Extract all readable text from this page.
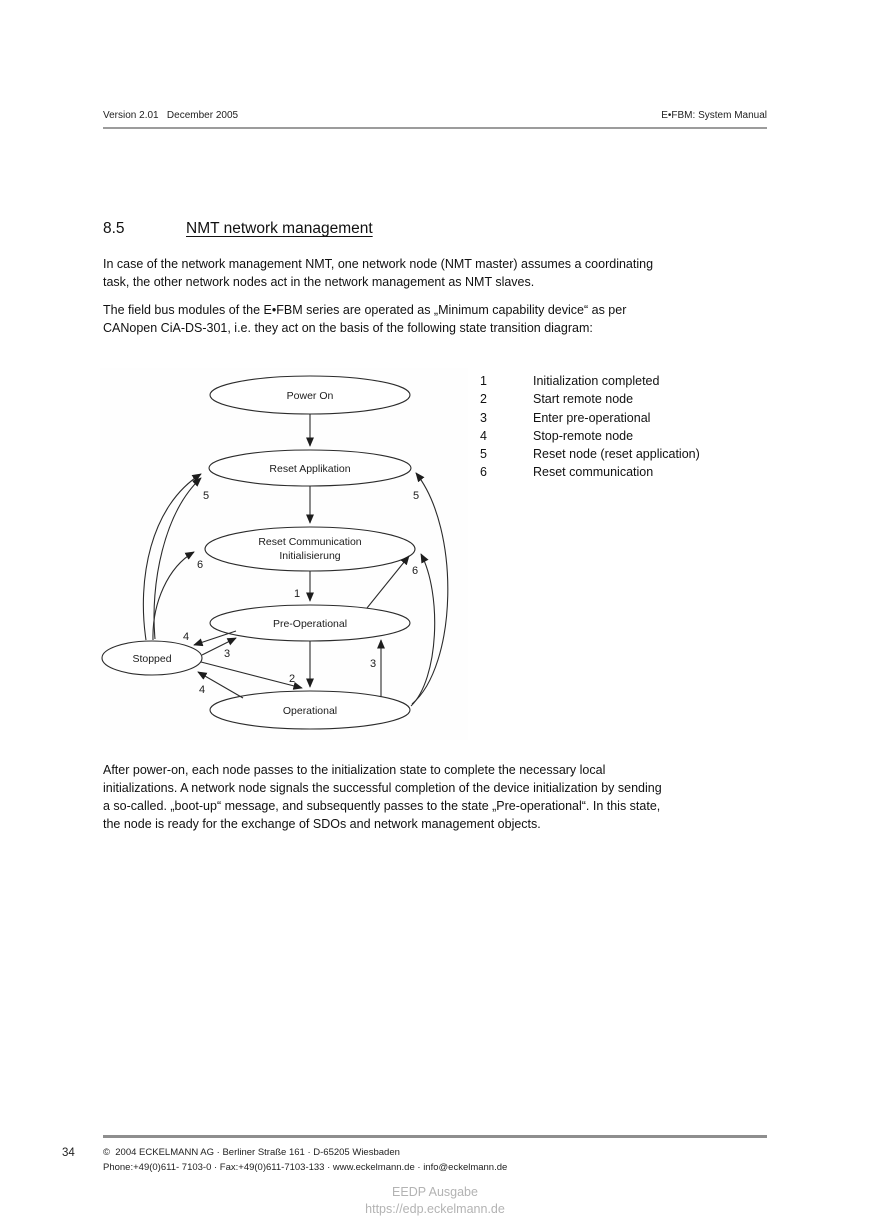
Version 2.01   December 2005	E•FBM: System Manual
8.5	NMT network management
In case of the network management NMT, one network node (NMT master) assumes a coordinating
task, the other network nodes act in the network management as NMT slaves.
The field bus modules of the E•FBM series are operated as „Minimum capability device“ as per
CANopen CiA-DS-301, i.e. they act on the basis of the following state transition diagram:
Power On
Reset Applikation
Reset Communication
Initialisierung
Pre-Operational
Stopped
Operational
1
2
3
3
4
4
5	5
6	6
1	Initialization completed
2	Start remote node
3	Enter pre-operational
4	Stop-remote node
5	Reset node (reset application)
6	Reset communication
After power-on, each node passes to the initialization state to complete the necessary local
initializations. A network node signals the successful completion of the device initialization by sending
a so-called. „boot-up“ message, and subsequently passes to the state „Pre-operational“. In this state,
the node is ready for the exchange of SDOs and network management objects.
34	©  2004 ECKELMANN AG · Berliner Straße 161 · D-65205 Wiesbaden
Phone:+49(0)611- 7103-0 · Fax:+49(0)611-7103-133 · www.eckelmann.de · info@eckelmann.de
EEDP Ausgabe
https://edp.eckelmann.de
